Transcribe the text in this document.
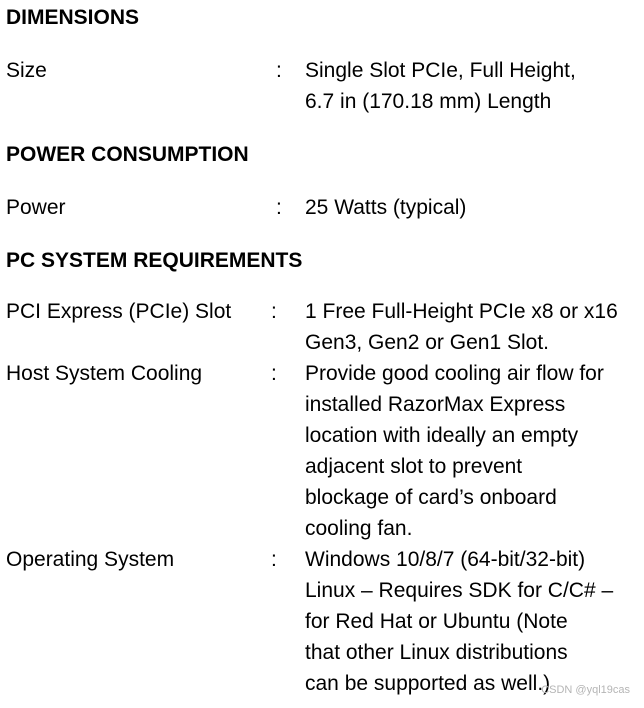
DIMENSIONS
Size	: Single Slot PCIe, Full Height,
6.7 in (170.18 mm) Length
POWER CONSUMPTION
Power	: 25 Watts (typical)
PC SYSTEM REQUIREMENTS
PCI Express (PCIe) Slot : 1 Free Full-Height PCIe x8 or x16
Gen3, Gen2 or Gen1 Slot.
Host System Cooling	: Provide good cooling air flow for
installed RazorMax Express
location with ideally an empty
adjacent slot to prevent
blockage of card’s onboard
cooling fan.
Operating System	: Windows 10/8/7 (64-bit/32-bit)
Linux – Requires SDK for C/C# –
for Red Hat or Ubuntu (Note
that other Linux distributions
can be supported as well.)
CSDN @yql19cas
